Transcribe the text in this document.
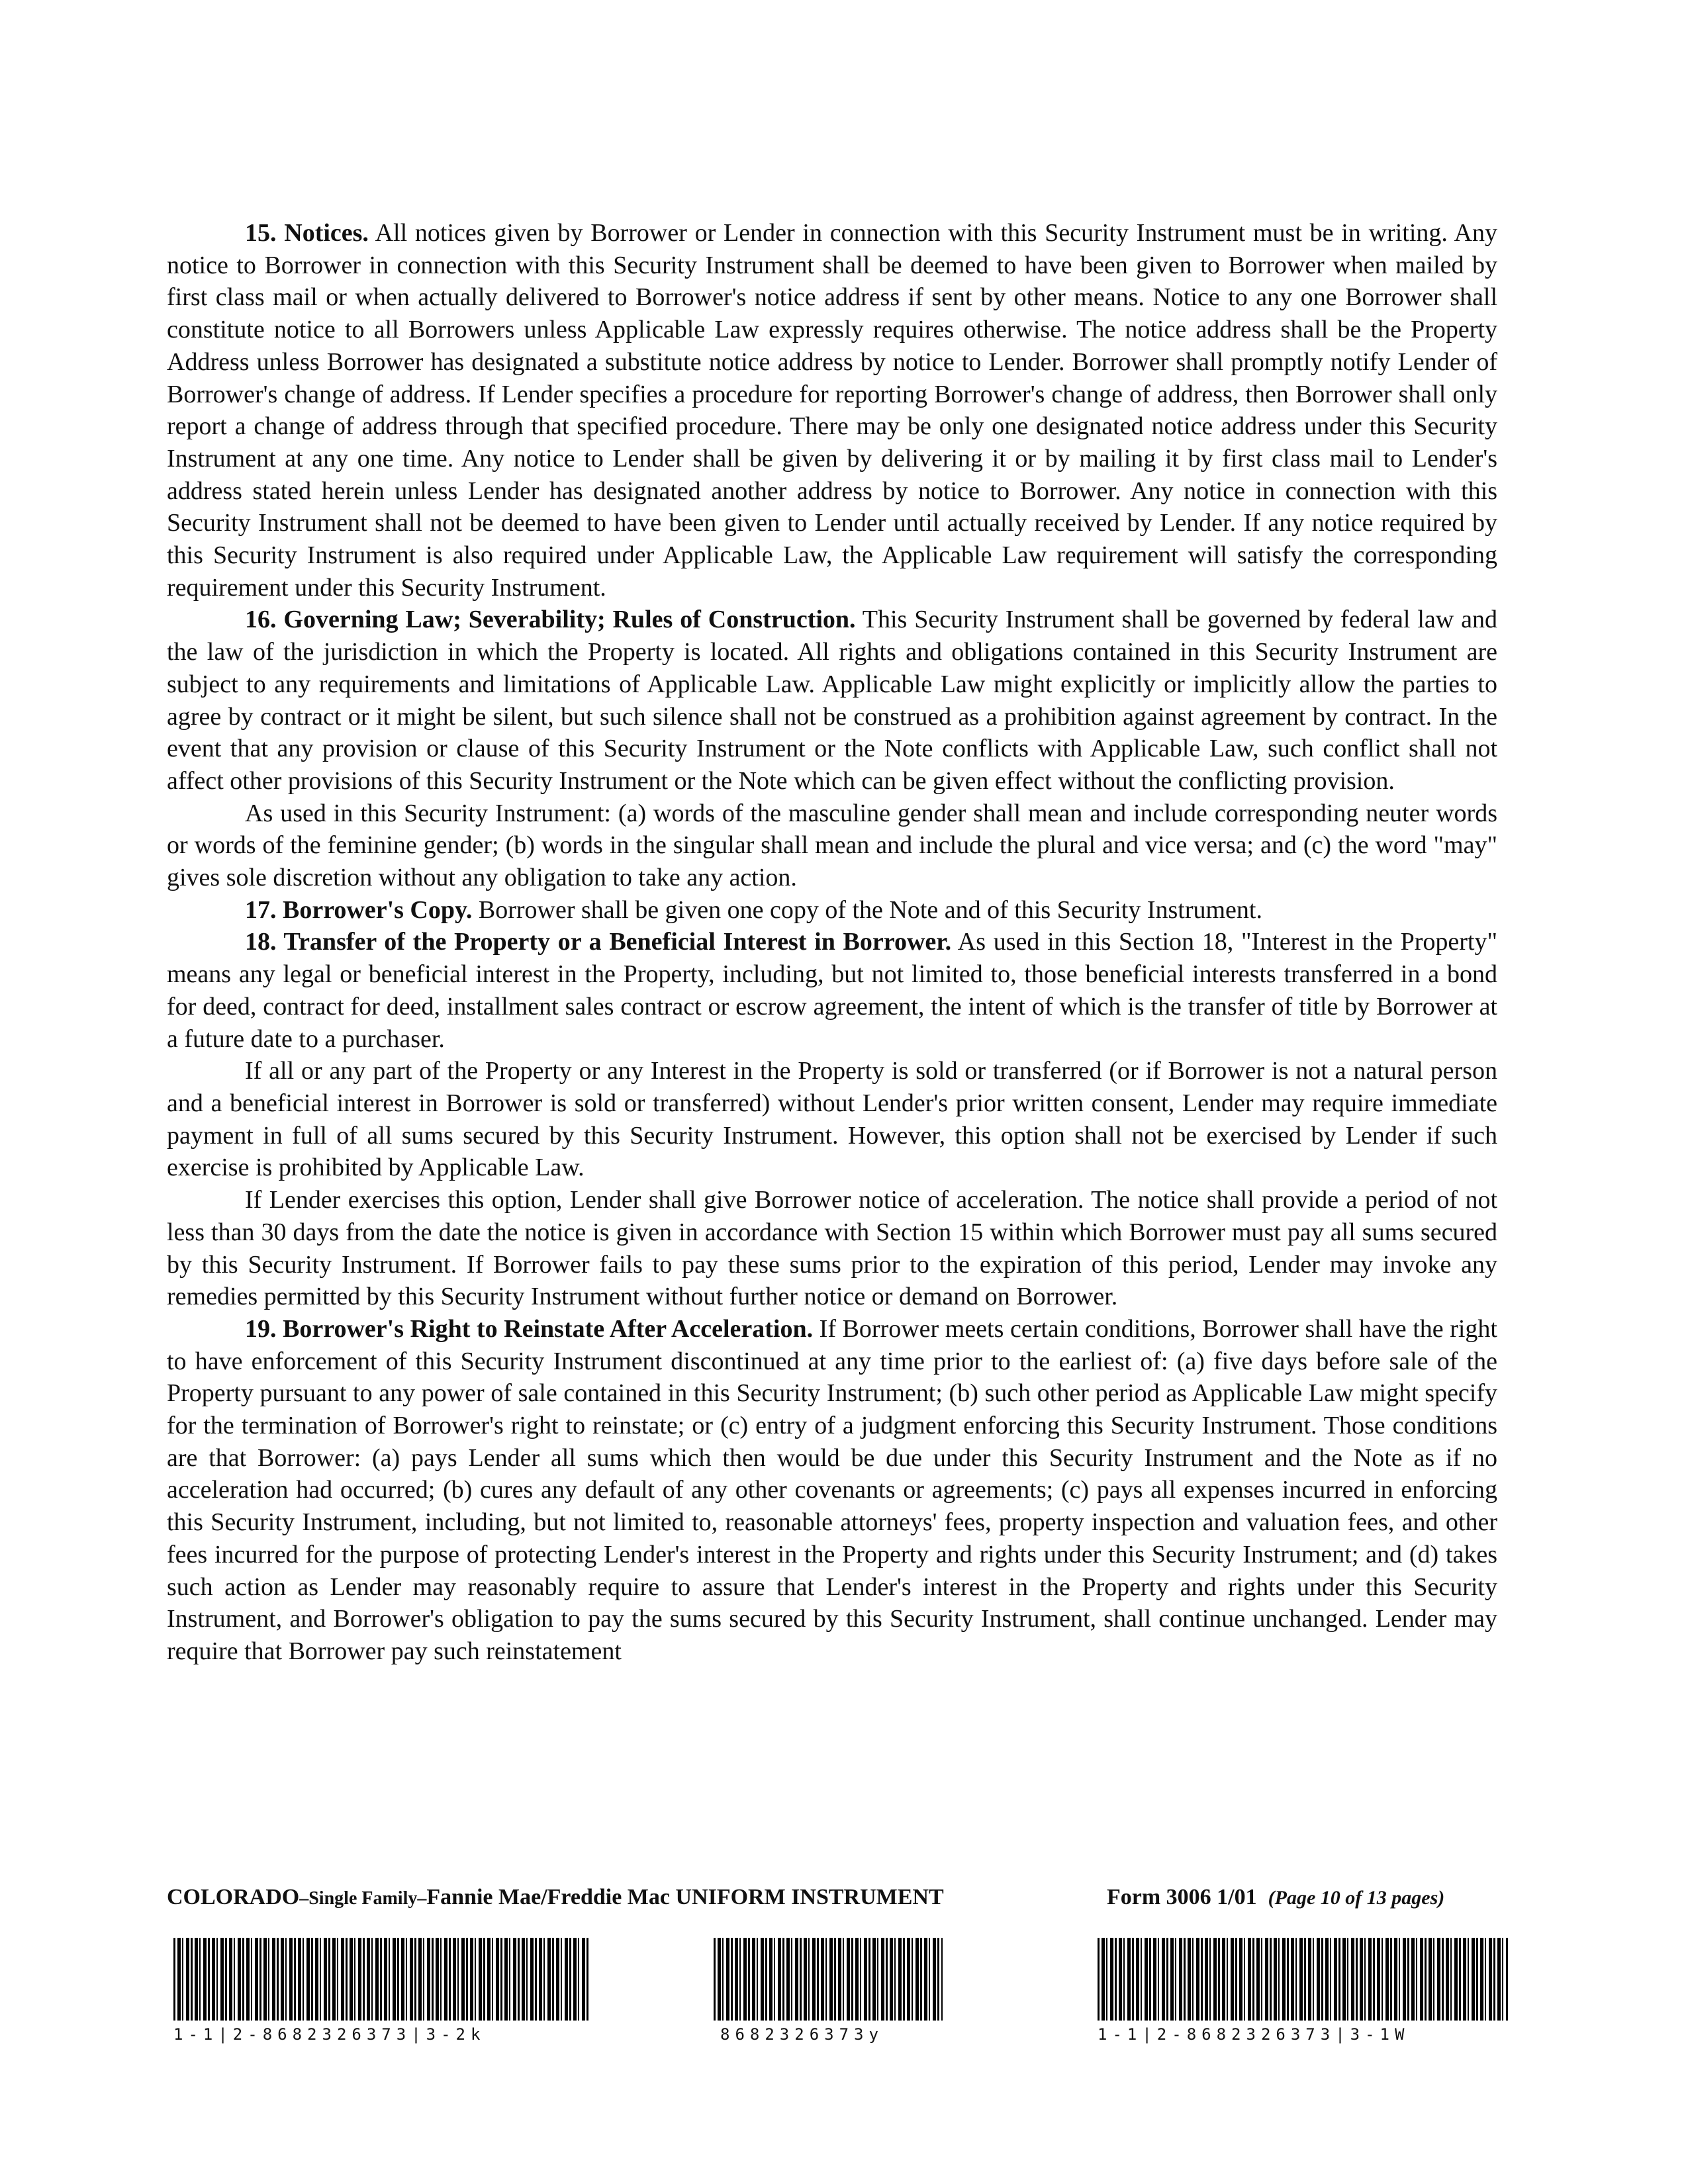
15. Notices. All notices given by Borrower or Lender in connection with this Security Instrument must be in writing. Any notice to Borrower in connection with this Security Instrument shall be deemed to have been given to Borrower when mailed by first class mail or when actually delivered to Borrower's notice address if sent by other means. Notice to any one Borrower shall constitute notice to all Borrowers unless Applicable Law expressly requires otherwise. The notice address shall be the Property Address unless Borrower has designated a substitute notice address by notice to Lender. Borrower shall promptly notify Lender of Borrower's change of address. If Lender specifies a procedure for reporting Borrower's change of address, then Borrower shall only report a change of address through that specified procedure. There may be only one designated notice address under this Security Instrument at any one time. Any notice to Lender shall be given by delivering it or by mailing it by first class mail to Lender's address stated herein unless Lender has designated another address by notice to Borrower. Any notice in connection with this Security Instrument shall not be deemed to have been given to Lender until actually received by Lender. If any notice required by this Security Instrument is also required under Applicable Law, the Applicable Law requirement will satisfy the corresponding requirement under this Security Instrument.

16. Governing Law; Severability; Rules of Construction. This Security Instrument shall be governed by federal law and the law of the jurisdiction in which the Property is located. All rights and obligations contained in this Security Instrument are subject to any requirements and limitations of Applicable Law. Applicable Law might explicitly or implicitly allow the parties to agree by contract or it might be silent, but such silence shall not be construed as a prohibition against agreement by contract. In the event that any provision or clause of this Security Instrument or the Note conflicts with Applicable Law, such conflict shall not affect other provisions of this Security Instrument or the Note which can be given effect without the conflicting provision.

As used in this Security Instrument: (a) words of the masculine gender shall mean and include corresponding neuter words or words of the feminine gender; (b) words in the singular shall mean and include the plural and vice versa; and (c) the word "may" gives sole discretion without any obligation to take any action.

17. Borrower's Copy. Borrower shall be given one copy of the Note and of this Security Instrument.

18. Transfer of the Property or a Beneficial Interest in Borrower. As used in this Section 18, "Interest in the Property" means any legal or beneficial interest in the Property, including, but not limited to, those beneficial interests transferred in a bond for deed, contract for deed, installment sales contract or escrow agreement, the intent of which is the transfer of title by Borrower at a future date to a purchaser.

If all or any part of the Property or any Interest in the Property is sold or transferred (or if Borrower is not a natural person and a beneficial interest in Borrower is sold or transferred) without Lender's prior written consent, Lender may require immediate payment in full of all sums secured by this Security Instrument. However, this option shall not be exercised by Lender if such exercise is prohibited by Applicable Law.

If Lender exercises this option, Lender shall give Borrower notice of acceleration. The notice shall provide a period of not less than 30 days from the date the notice is given in accordance with Section 15 within which Borrower must pay all sums secured by this Security Instrument. If Borrower fails to pay these sums prior to the expiration of this period, Lender may invoke any remedies permitted by this Security Instrument without further notice or demand on Borrower.

19. Borrower's Right to Reinstate After Acceleration. If Borrower meets certain conditions, Borrower shall have the right to have enforcement of this Security Instrument discontinued at any time prior to the earliest of: (a) five days before sale of the Property pursuant to any power of sale contained in this Security Instrument; (b) such other period as Applicable Law might specify for the termination of Borrower's right to reinstate; or (c) entry of a judgment enforcing this Security Instrument. Those conditions are that Borrower: (a) pays Lender all sums which then would be due under this Security Instrument and the Note as if no acceleration had occurred; (b) cures any default of any other covenants or agreements; (c) pays all expenses incurred in enforcing this Security Instrument, including, but not limited to, reasonable attorneys' fees, property inspection and valuation fees, and other fees incurred for the purpose of protecting Lender's interest in the Property and rights under this Security Instrument; and (d) takes such action as Lender may reasonably require to assure that Lender's interest in the Property and rights under this Security Instrument, and Borrower's obligation to pay the sums secured by this Security Instrument, shall continue unchanged. Lender may require that Borrower pay such reinstatement

COLORADO–Single Family–Fannie Mae/Freddie Mac UNIFORM INSTRUMENT	Form 3006 1/01 (Page 10 of 13 pages)
1-1|2-8682326373|3-2k	8682326373y	1-1|2-8682326373|3-1W
